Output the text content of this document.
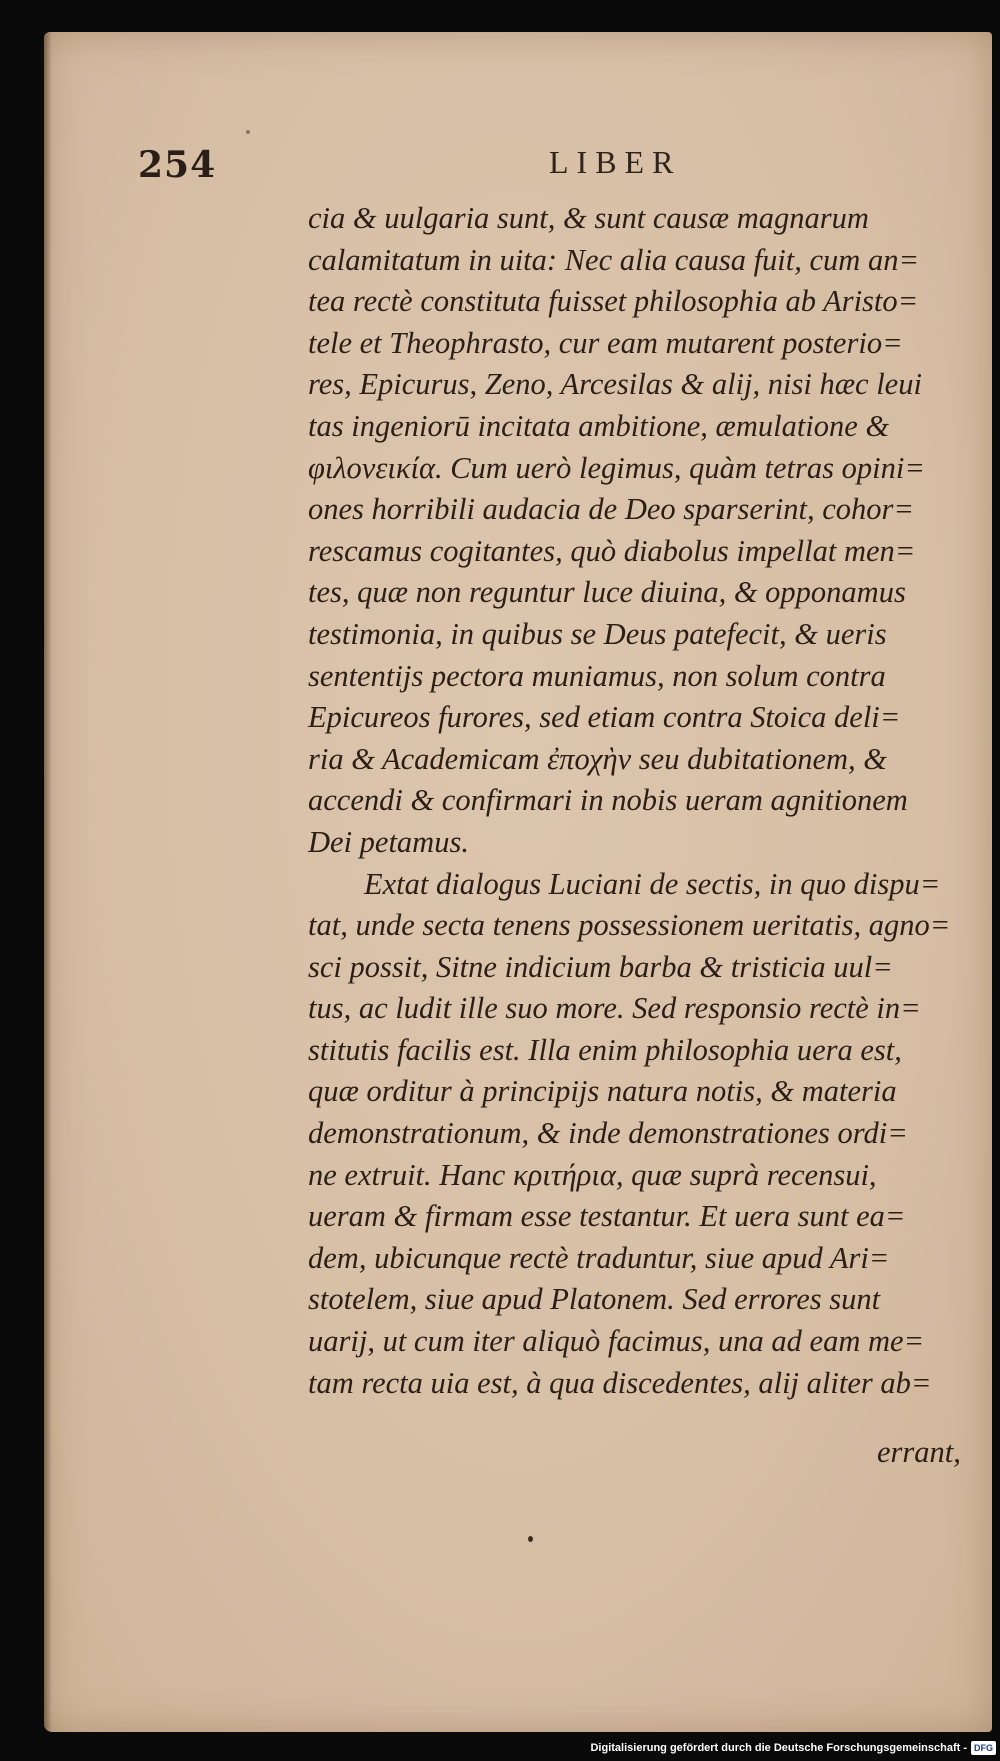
254	LIBER
cia & uulgaria sunt, & sunt causæ magnarum
calamitatum in uita: Nec alia causa fuit, cum an=
tea rectè constituta fuisset philosophia ab Aristo=
tele et Theophrasto, cur eam mutarent posterio=
res, Epicurus, Zeno, Arcesilas & alij, nisi hæc leui
tas ingeniorū incitata ambitione, æmulatione &
φιλονεικία. Cum uerò legimus, quàm tetras opini=
ones horribili audacia de Deo sparserint, cohor=
rescamus cogitantes, quò diabolus impellat men=
tes, quæ non reguntur luce diuina, & opponamus
testimonia, in quibus se Deus patefecit, & ueris
sententijs pectora muniamus, non solum contra
Epicureos furores, sed etiam contra Stoica deli=
ria & Academicam ἐποχὴν seu dubitationem, &
accendi & confirmari in nobis ueram agnitionem
Dei petamus.
Extat dialogus Luciani de sectis, in quo dispu=
tat, unde secta tenens possessionem ueritatis, agno=
sci possit, Sitne indicium barba & tristicia uul=
tus, ac ludit ille suo more. Sed responsio rectè in=
stitutis facilis est. Illa enim philosophia uera est,
quæ orditur à principijs natura notis, & materia
demonstrationum, & inde demonstrationes ordi=
ne extruit. Hanc κριτήρια, quæ suprà recensui,
ueram & firmam esse testantur. Et uera sunt ea=
dem, ubicunque rectè traduntur, siue apud Ari=
stotelem, siue apud Platonem. Sed errores sunt
uarij, ut cum iter aliquò facimus, una ad eam me=
tam recta uia est, à qua discedentes, alij aliter ab=
errant,
Digitalisierung gefördert durch die Deutsche Forschungsgemeinschaft - DFG
